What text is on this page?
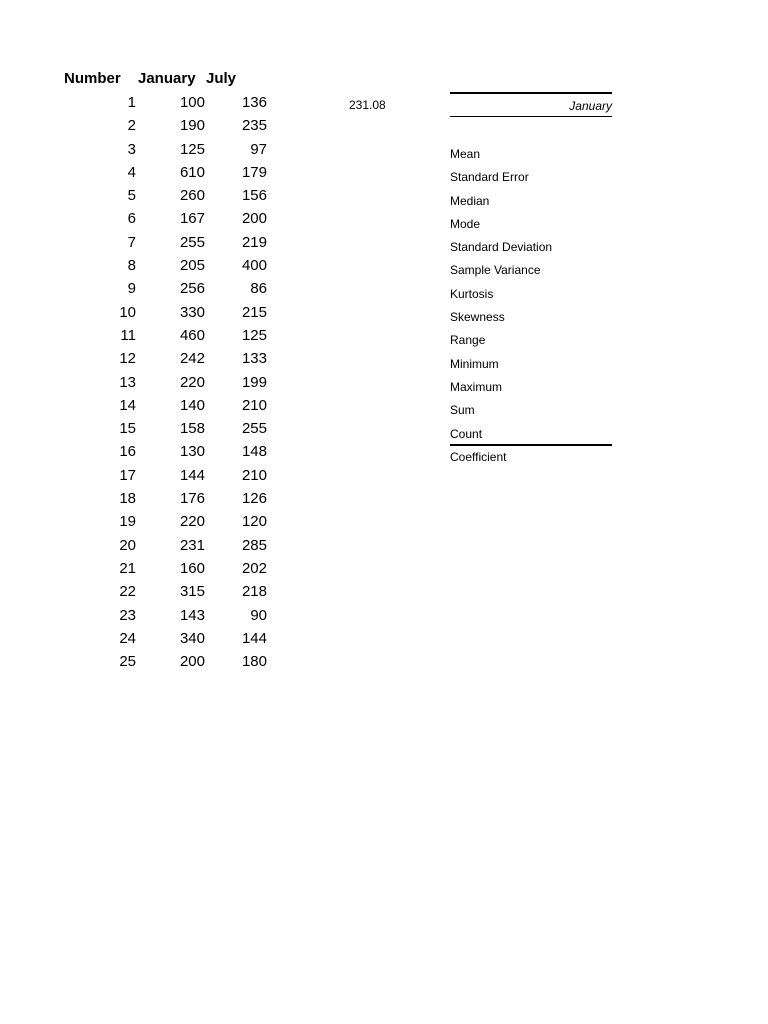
Number January July
1	100	136
2	190	235
3	125	97
4	610	179
5	260	156
6	167	200
7	255	219
8	205	400
9	256	86
10	330	215
11	460	125
12	242	133
13	220	199
14	140	210
15	158	255
16	130	148
17	144	210
18	176	126
19	220	120
20	231	285
21	160	202
22	315	218
23	143	90
24	340	144
25	200	180
231.08	January
Mean
Standard Error
Median
Mode
Standard Deviation
Sample Variance
Kurtosis
Skewness
Range
Minimum
Maximum
Sum
Count
Coefficient
